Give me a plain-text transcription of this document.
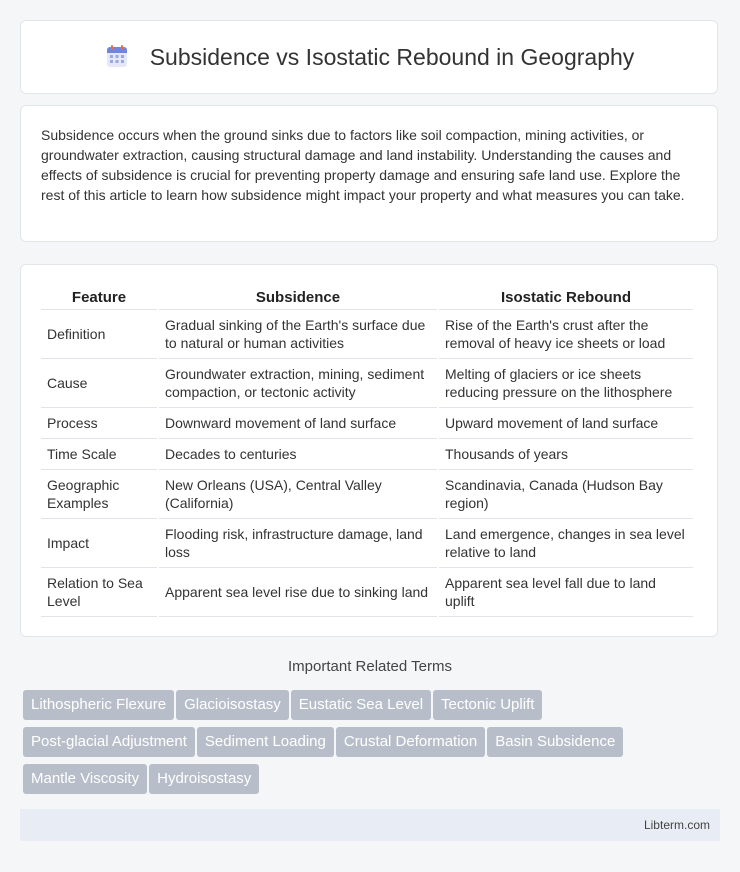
Subsidence vs Isostatic Rebound in Geography

Subsidence occurs when the ground sinks due to factors like soil compaction, mining activities, or groundwater extraction, causing structural damage and land instability. Understanding the causes and effects of subsidence is crucial for preventing property damage and ensuring safe land use. Explore the rest of this article to learn how subsidence might impact your property and what measures you can take.

Feature	Subsidence	Isostatic Rebound
Definition	Gradual sinking of the Earth's surface due to natural or human activities	Rise of the Earth's crust after the removal of heavy ice sheets or load
Cause	Groundwater extraction, mining, sediment compaction, or tectonic activity	Melting of glaciers or ice sheets reducing pressure on the lithosphere
Process	Downward movement of land surface	Upward movement of land surface
Time Scale	Decades to centuries	Thousands of years
Geographic Examples	New Orleans (USA), Central Valley (California)	Scandinavia, Canada (Hudson Bay region)
Impact	Flooding risk, infrastructure damage, land loss	Land emergence, changes in sea level relative to land
Relation to Sea Level	Apparent sea level rise due to sinking land	Apparent sea level fall due to land uplift
Important Related Terms
Lithospheric Flexure Glacioisostasy Eustatic Sea Level Tectonic Uplift
Post-glacial Adjustment Sediment Loading Crustal Deformation Basin Subsidence
Mantle Viscosity Hydroisostasy
Libterm.com
